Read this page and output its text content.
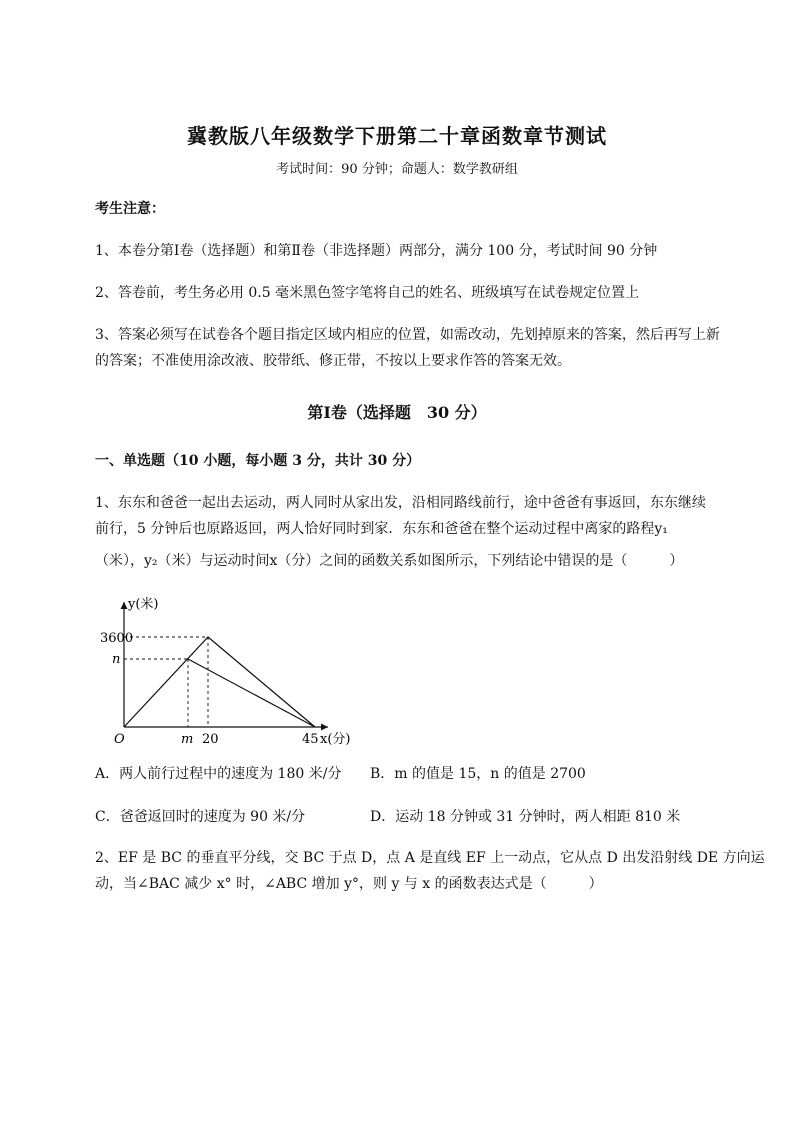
冀教版八年级数学下册第二十章函数章节测试
考试时间：90 分钟；命题人：数学教研组
考生注意：
1、本卷分第Ⅰ卷（选择题）和第Ⅱ卷（非选择题）两部分，满分 100 分，考试时间 90 分钟
2、答卷前，考生务必用 0.5 毫米黑色签字笔将自己的姓名、班级填写在试卷规定位置上
3、答案必须写在试卷各个题目指定区域内相应的位置，如需改动，先划掉原来的答案，然后再写上新
的答案；不准使用涂改液、胶带纸、修正带，不按以上要求作答的答案无效。
第Ⅰ卷（选择题　30 分）
一、单选题（10 小题，每小题 3 分，共计 30 分）
1、东东和爸爸一起出去运动，两人同时从家出发，沿相同路线前行，途中爸爸有事返回，东东继续
前行，5 分钟后也原路返回，两人恰好同时到家．东东和爸爸在整个运动过程中离家的路程y₁
（米），y₂（米）与运动时间x（分）之间的函数关系如图所示，下列结论中错误的是（　　　）
y(米)
3600
n
O	m 20	45 x(分)
A．两人前行过程中的速度为 180 米/分 B．m 的值是 15，n 的值是 2700
C．爸爸返回时的速度为 90 米/分	D．运动 18 分钟或 31 分钟时，两人相距 810 米
2、EF 是 BC 的垂直平分线，交 BC 于点 D，点 A 是直线 EF 上一动点，它从点 D 出发沿射线 DE 方向运
动，当∠BAC 减少 x° 时，∠ABC 增加 y°，则 y 与 x 的函数表达式是（　　　）
